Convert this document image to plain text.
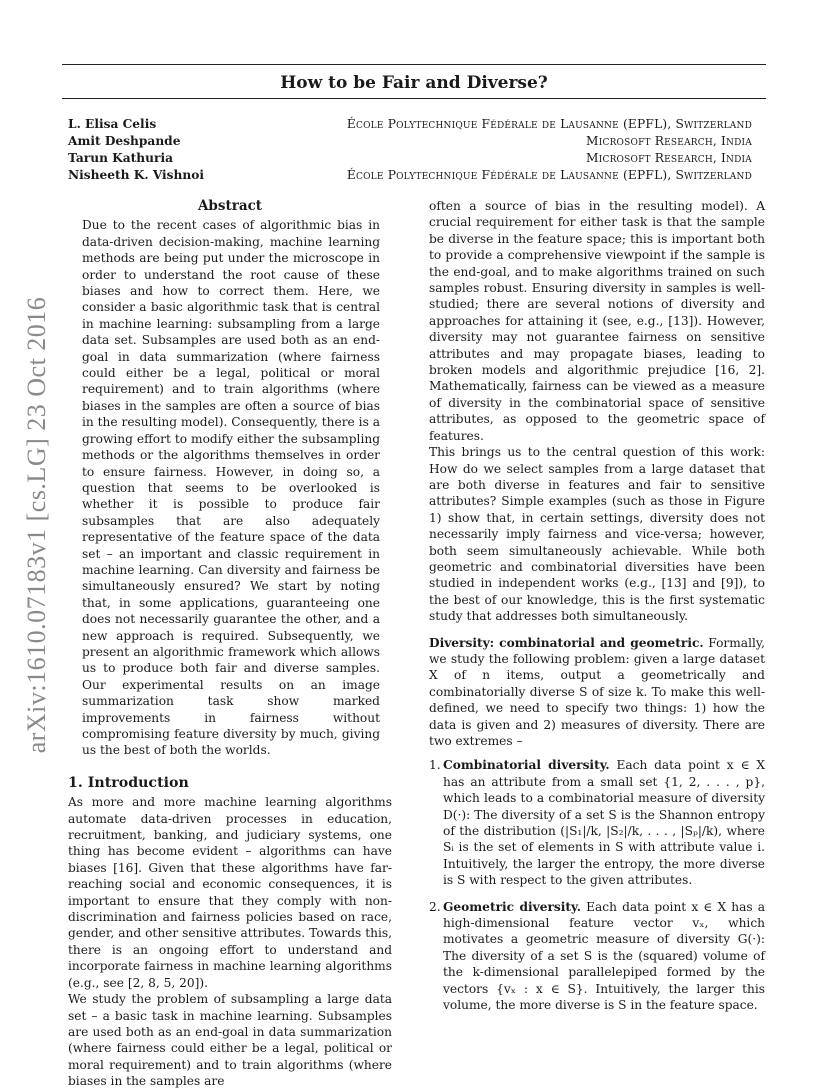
How to be Fair and Diverse?
L. Elisa Celis	École Polytechnique Fédérale de Lausanne (EPFL), Switzerland
Amit Deshpande	Microsoft Research, India
Tarun Kathuria	Microsoft Research, India
Nisheeth K. Vishnoi	École Polytechnique Fédérale de Lausanne (EPFL), Switzerland
arXiv:1610.07183v1 [cs.LG] 23 Oct 2016
Abstract

Due to the recent cases of algorithmic bias in data-driven decision-making, machine learning methods are being put under the microscope in order to understand the root cause of these biases and how to correct them. Here, we consider a basic algorithmic task that is central in machine learning: subsampling from a large data set. Subsamples are used both as an end-goal in data summarization (where fairness could either be a legal, political or moral requirement) and to train algorithms (where biases in the samples are often a source of bias in the resulting model). Consequently, there is a growing effort to modify either the subsampling methods or the algorithms themselves in order to ensure fairness. However, in doing so, a question that seems to be overlooked is whether it is possible to produce fair subsamples that are also adequately representative of the feature space of the data set – an important and classic requirement in machine learning. Can diversity and fairness be simultaneously ensured? We start by noting that, in some applications, guaranteeing one does not necessarily guarantee the other, and a new approach is required. Subsequently, we present an algorithmic framework which allows us to produce both fair and diverse samples. Our experimental results on an image summarization task show marked improvements in fairness without compromising feature diversity by much, giving us the best of both the worlds.

1. Introduction

As more and more machine learning algorithms automate data-driven processes in education, recruitment, banking, and judiciary systems, one thing has become evident – algorithms can have biases [16]. Given that these algorithms have far-reaching social and economic consequences, it is important to ensure that they comply with non-discrimination and fairness policies based on race, gender, and other sensitive attributes. Towards this, there is an ongoing effort to understand and incorporate fairness in machine learning algorithms (e.g., see [2, 8, 5, 20]).

We study the problem of subsampling a large data set – a basic task in machine learning. Subsamples are used both as an end-goal in data summarization (where fairness could either be a legal, political or moral requirement) and to train algorithms (where biases in the samples are

often a source of bias in the resulting model). A crucial requirement for either task is that the sample be diverse in the feature space; this is important both to provide a comprehensive viewpoint if the sample is the end-goal, and to make algorithms trained on such samples robust. Ensuring diversity in samples is well-studied; there are several notions of diversity and approaches for attaining it (see, e.g., [13]). However, diversity may not guarantee fairness on sensitive attributes and may propagate biases, leading to broken models and algorithmic prejudice [16, 2]. Mathematically, fairness can be viewed as a measure of diversity in the combinatorial space of sensitive attributes, as opposed to the geometric space of features.

This brings us to the central question of this work: How do we select samples from a large dataset that are both diverse in features and fair to sensitive attributes? Simple examples (such as those in Figure 1) show that, in certain settings, diversity does not necessarily imply fairness and vice-versa; however, both seem simultaneously achievable. While both geometric and combinatorial diversities have been studied in independent works (e.g., [13] and [9]), to the best of our knowledge, this is the first systematic study that addresses both simultaneously.

Diversity: combinatorial and geometric. Formally, we study the following problem: given a large dataset X of n items, output a geometrically and combinatorially diverse S of size k. To make this well-defined, we need to specify two things: 1) how the data is given and 2) measures of diversity. There are two extremes –

1. Combinatorial diversity. Each data point x ∈ X has an attribute from a small set {1, 2, . . . , p}, which leads to a combinatorial measure of diversity D(·): The diversity of a set S is the Shannon entropy of the distribution (|S₁|/k, |S₂|/k, . . . , |Sₚ|/k), where Sᵢ is the set of elements in S with attribute value i. Intuitively, the larger the entropy, the more diverse is S with respect to the given attributes.
2. Geometric diversity. Each data point x ∈ X has a high-dimensional feature vector vₓ, which motivates a geometric measure of diversity G(·): The diversity of a set S is the (squared) volume of the k-dimensional parallelepiped formed by the vectors {vₓ : x ∈ S}. Intuitively, the larger this volume, the more diverse is S in the feature space.
